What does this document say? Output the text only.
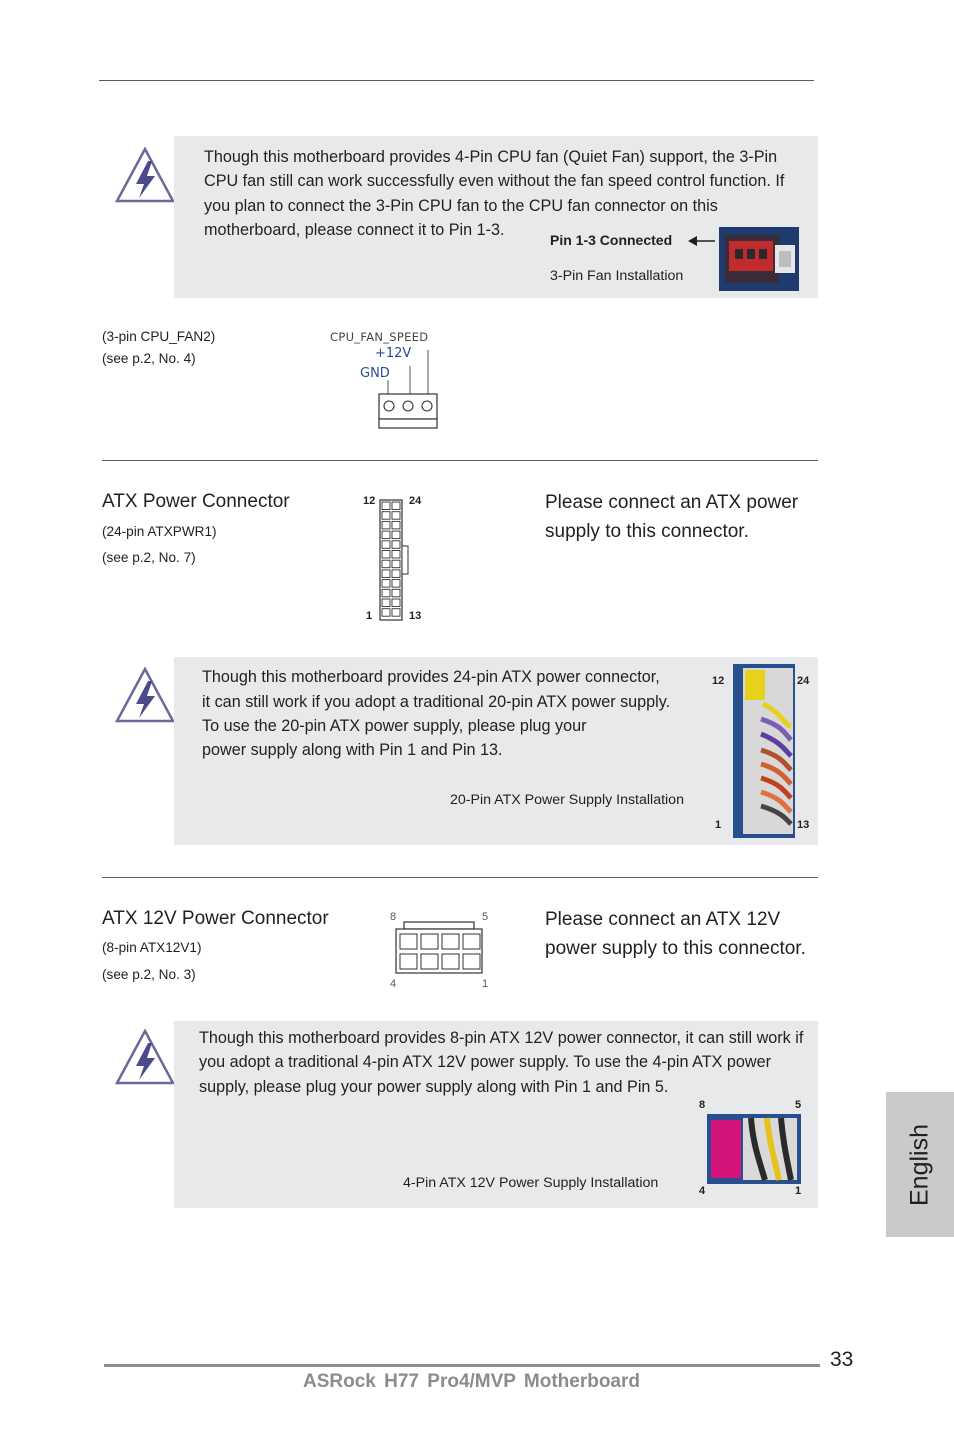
Though this motherboard provides 4-Pin CPU fan (Quiet Fan) support, the 3-Pin CPU fan still can work successfully even without the fan speed control function. If you plan to connect the 3-Pin CPU fan to the CPU fan connector on this motherboard, please connect it to Pin 1-3.
Pin 1-3 Connected
3-Pin Fan Installation
(3-pin CPU_FAN2)
(see p.2, No. 4)
CPU_FAN_SPEED
+12V
GND
ATX Power Connector
(24-pin ATXPWR1)
(see p.2, No. 7)
12	24
1	13
Please connect an ATX power supply to this connector.
Though this motherboard provides 24-pin ATX power connector,
it can still work if you adopt a traditional 20-pin ATX power supply.
To use the 20-pin ATX power supply, please plug your
power supply along with Pin 1 and Pin 13.
20-Pin ATX Power Supply Installation
12	24
1	13
ATX 12V Power Connector
(8-pin ATX12V1)
(see p.2, No. 3)
8	5
4	1
Please connect an ATX 12V power supply to this connector.
Though this motherboard provides 8-pin ATX 12V power connector, it can still work if you adopt a traditional 4-pin ATX 12V power supply. To use the 4-pin ATX power supply, please plug your power supply along with Pin 1 and Pin 5.
4-Pin ATX 12V Power Supply Installation
8	5
4	1	English
33
ASRock H77 Pro4/MVP Motherboard
